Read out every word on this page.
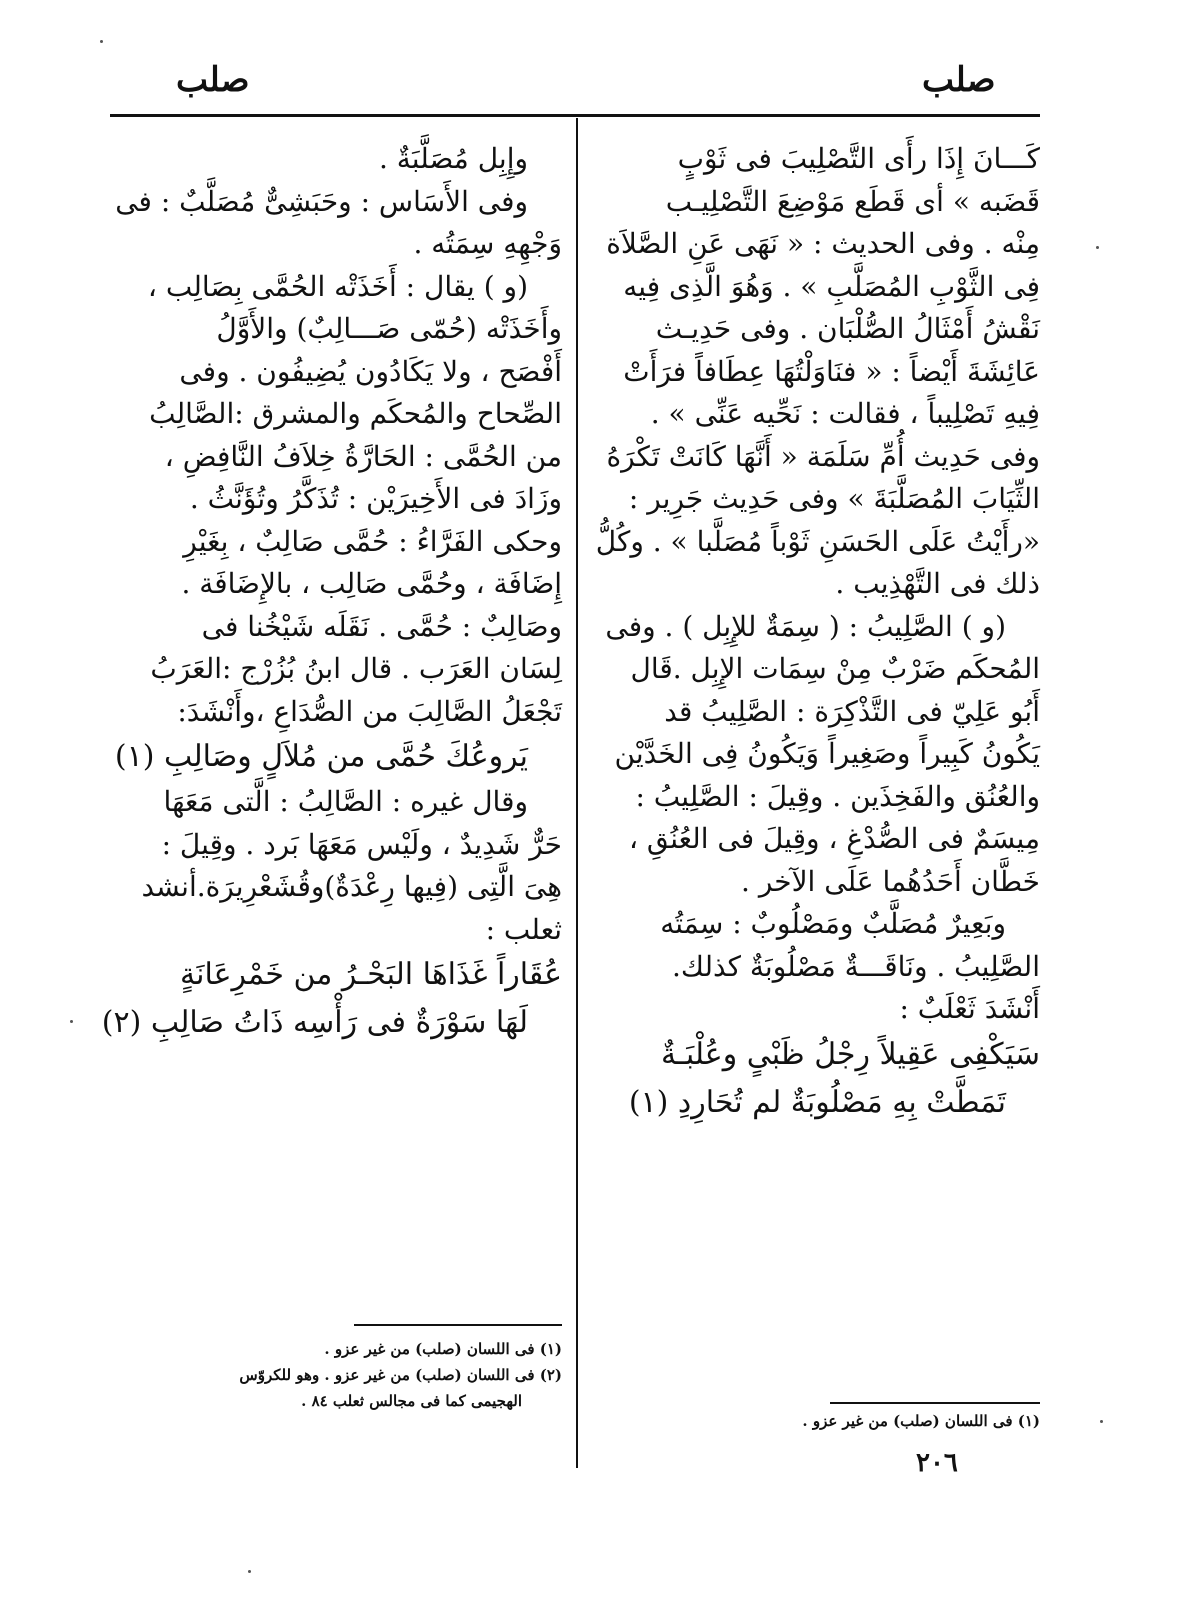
صلب
صلب
كَـــانَ إِذَا رأَى التَّصْلِيبَ فى ثَوْبٍ
قَضَبه » أى قَطَع مَوْضِعَ التَّصْلِيـب
مِنْه . وفى الحديث : « نَهَى عَنِ الصَّلاَة
فِى الثَّوْبِ المُصَلَّبِ » . وَهُوَ الَّذِى فِيه
نَقْشُ أَمْثَالُ الصُّلْبَان . وفى حَدِيـث
عَائِشَةَ أَيْضاً : « فنَاوَلْتُهَا عِطَافاً فرَأَتْ
فِيهِ تَصْلِيباً ، فقالت : نَحِّيه عَنِّى » .
وفى حَدِيث أُمِّ سَلَمَة « أَنَّهَا كَانَتْ تَكْرَهُ
الثِّيَابَ المُصَلَّبَةَ » وفى حَدِيث جَرِير :
«رأَيْتُ عَلَى الحَسَنِ ثَوْباً مُصَلَّبا » . وكُلُّ
ذلك فى التَّهْذِيب .
(و ) الصَّلِيبُ : ( سِمَةٌ للإِبِل ) . وفى
المُحكَم ضَرْبٌ مِنْ سِمَات الإِبِل .قَال
أَبُو عَلِيّ فى التَّذْكِرَة : الصَّلِيبُ قد
يَكُونُ كَبِيراً وصَغِيراً وَيَكُونُ فِى الخَدَّيْن
والعُنُق والفَخِذَين . وقِيلَ : الصَّلِيبُ :
مِيسَمٌ فى الصُّدْغِ ، وقِيلَ فى العُنُقِ ،
خَطَّان أَحَدُهُما عَلَى الآخر .
وبَعِيرٌ مُصَلَّبٌ ومَصْلُوبٌ : سِمَتُه
الصَّلِيبُ . ونَاقَـــةٌ مَصْلُوبَةٌ كذلك.
أَنْشَدَ ثَعْلَبٌ :
سَيَكْفِى عَقِيلاً رِجْلُ ظَبْىٍ وعُلْبَـةٌ
تَمَطَّتْ بِهِ مَصْلُوبَةٌ لم تُحَارِدِ (١)
وإِبِل مُصَلَّبَةٌ .
وفى الأَسَاس : وحَبَشِىٌّ مُصَلَّبٌ : فى
وَجْهِهِ سِمَتُه .
(و ) يقال : أَخَذَتْه الحُمَّى بِصَالِب ،
وأَخَذَتْه (حُمّى صَـــالِبٌ) والأَوَّلُ
أَفْصَح ، ولا يَكَادُون يُضِيفُون . وفى
الصِّحاح والمُحكَم والمشرق :الصَّالِبُ
من الحُمَّى : الحَارَّةُ خِلاَفُ النَّافِضِ ،
وزَادَ فى الأَخِيرَيْن : تُذَكَّرُ وتُؤَنَّثُ .
وحكى الفَرَّاءُ : حُمَّى صَالِبٌ ، بِغَيْرِ
إِضَافَة ، وحُمَّى صَالِب ، بالإِضَافَة .
وصَالِبٌ : حُمَّى . نَقَلَه شَيْخُنا فى
لِسَان العَرَب . قال ابنُ بُزُرْج :العَرَبُ
تَجْعَلُ الصَّالِبَ من الصُّدَاعِ ،وأَنْشَدَ:
يَروعُكَ حُمَّى من مُلاَلٍ وصَالِبِ (١)
وقال غيره : الصَّالِبُ : الَّتى مَعَهَا
حَرٌّ شَدِيدٌ ، ولَيْس مَعَهَا بَرد . وقِيلَ :
هِىَ الَّتِى (فِيها رِعْدَةٌ)وقُشَعْرِيرَة.أنشد
ثعلب :
عُقَاراً غَذَاهَا البَحْـرُ من خَمْرِعَانَةٍ
لَهَا سَوْرَةٌ فى رَأْسِه ذَاتُ صَالِبِ (٢)
(١) فى اللسان (صلب) من غير عزو .
(١) فى اللسان (صلب) من غير عزو .
(٢) فى اللسان (صلب) من غير عزو . وهو للكروّس
الهجيمى كما فى مجالس ثعلب ٨٤ .
٢٠٦
